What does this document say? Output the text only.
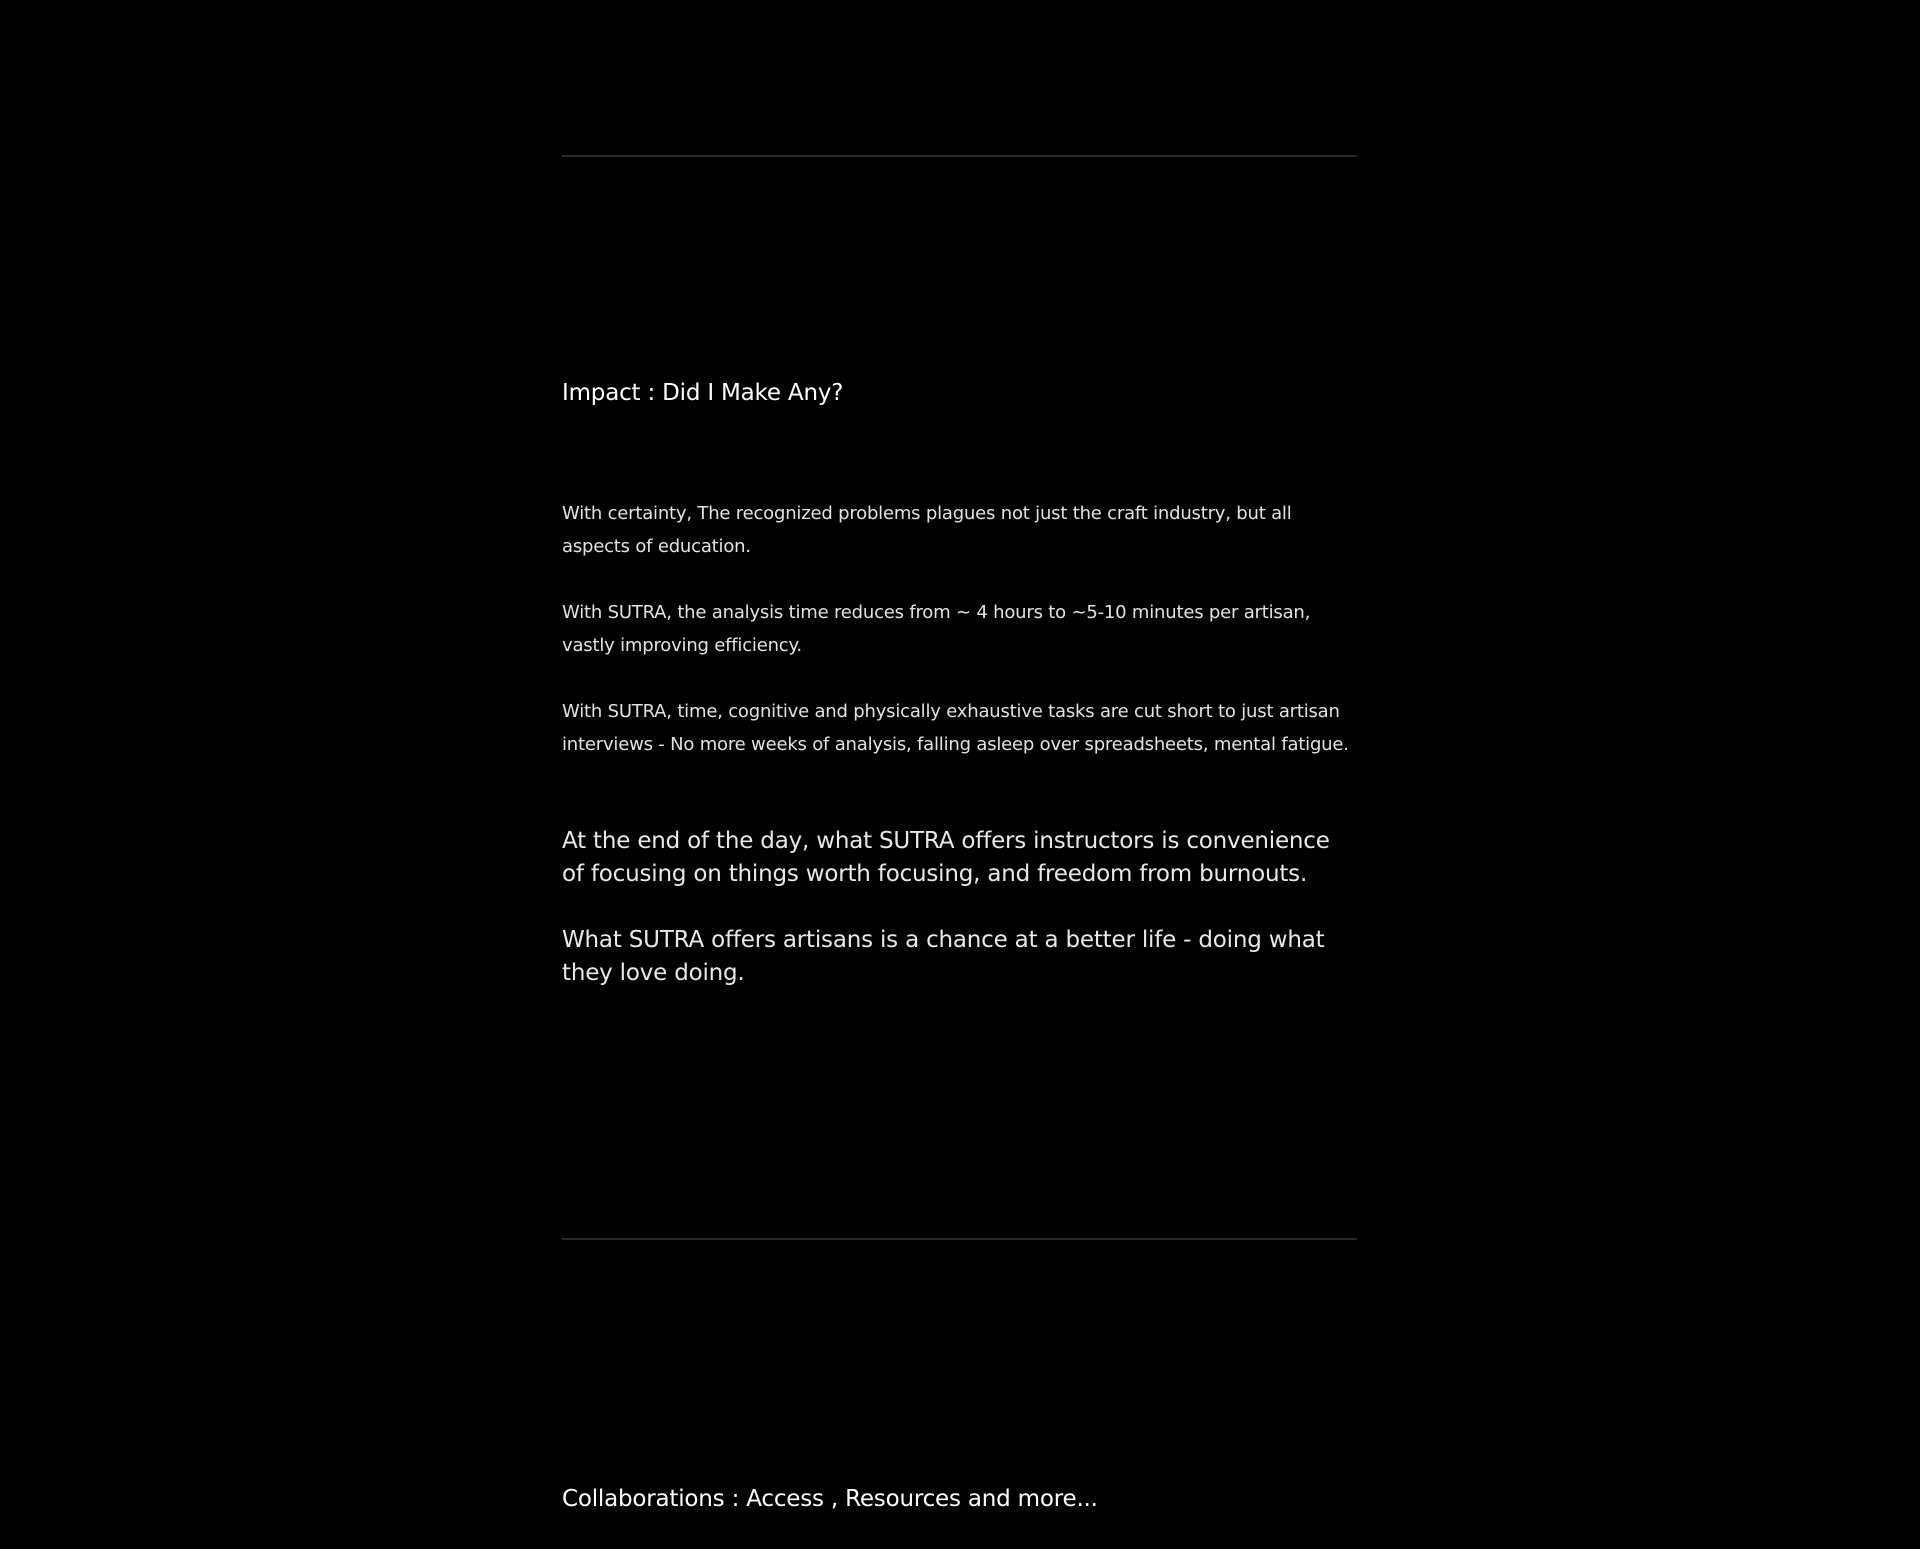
Impact : Did I Make Any?

With certainty, The recognized problems plagues not just the craft industry, but all aspects of education.

With SUTRA, the analysis time reduces from ~ 4 hours to ~5-10 minutes per artisan, vastly improving efficiency.

With SUTRA, time, cognitive and physically exhaustive tasks are cut short to just artisan interviews - No more weeks of analysis, falling asleep over spreadsheets, mental fatigue.

At the end of the day, what SUTRA offers instructors is convenience of focusing on things worth focusing, and freedom from burnouts.

What SUTRA offers artisans is a chance at a better life - doing what they love doing.

Collaborations : Access , Resources and more...
